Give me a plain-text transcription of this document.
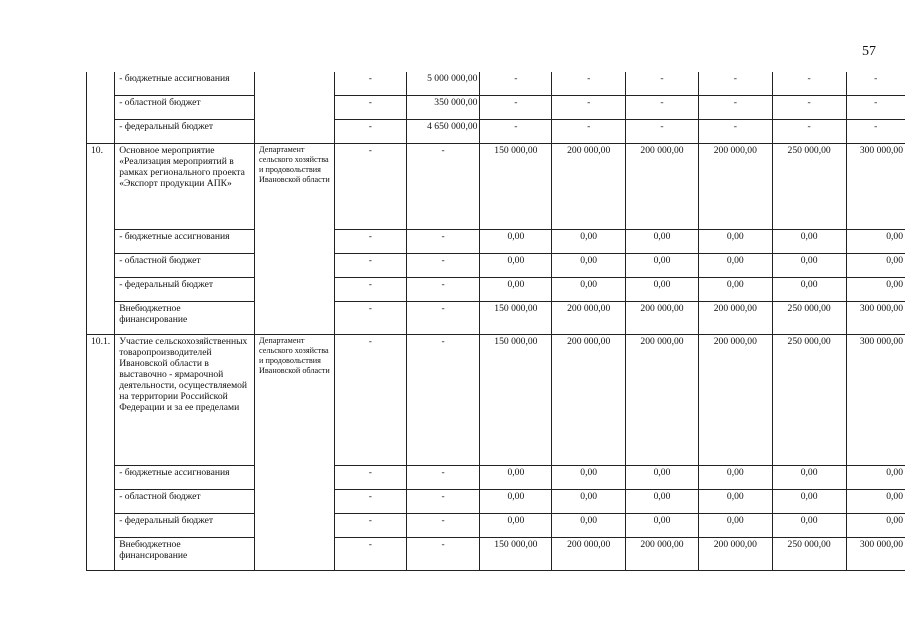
57
	- бюджетные ассигнования		-	5 000 000,00	-	-	-	-	-	-
	- областной бюджет		-	350 000,00	-	-	-	-	-	-
	- федеральный бюджет		-	4 650 000,00	-	-	-	-	-	-
10.	Основное мероприятие «Реализация мероприятий в рамках регионального проекта «Экспорт продукции АПК»	Департамент сельского хозяйства и продовольствия Ивановской области	-	-	150 000,00	200 000,00	200 000,00	200 000,00	250 000,00	300 000,00
	- бюджетные ассигнования		-	-	0,00	0,00	0,00	0,00	0,00	0,00
	- областной бюджет		-	-	0,00	0,00	0,00	0,00	0,00	0,00
	- федеральный бюджет		-	-	0,00	0,00	0,00	0,00	0,00	0,00
	Внебюджетное финансирование		-	-	150 000,00	200 000,00	200 000,00	200 000,00	250 000,00	300 000,00
10.1.	Участие сельскохозяйственных товаропроизводителей Ивановской области в выставочно - ярмарочной деятельности, осуществляемой на территории Российской Федерации и за ее пределами	Департамент сельского хозяйства и продовольствия Ивановской области	-	-	150 000,00	200 000,00	200 000,00	200 000,00	250 000,00	300 000,00
	- бюджетные ассигнования		-	-	0,00	0,00	0,00	0,00	0,00	0,00
	- областной бюджет		-	-	0,00	0,00	0,00	0,00	0,00	0,00
	- федеральный бюджет		-	-	0,00	0,00	0,00	0,00	0,00	0,00
	Внебюджетное финансирование		-	-	150 000,00	200 000,00	200 000,00	200 000,00	250 000,00	300 000,00
